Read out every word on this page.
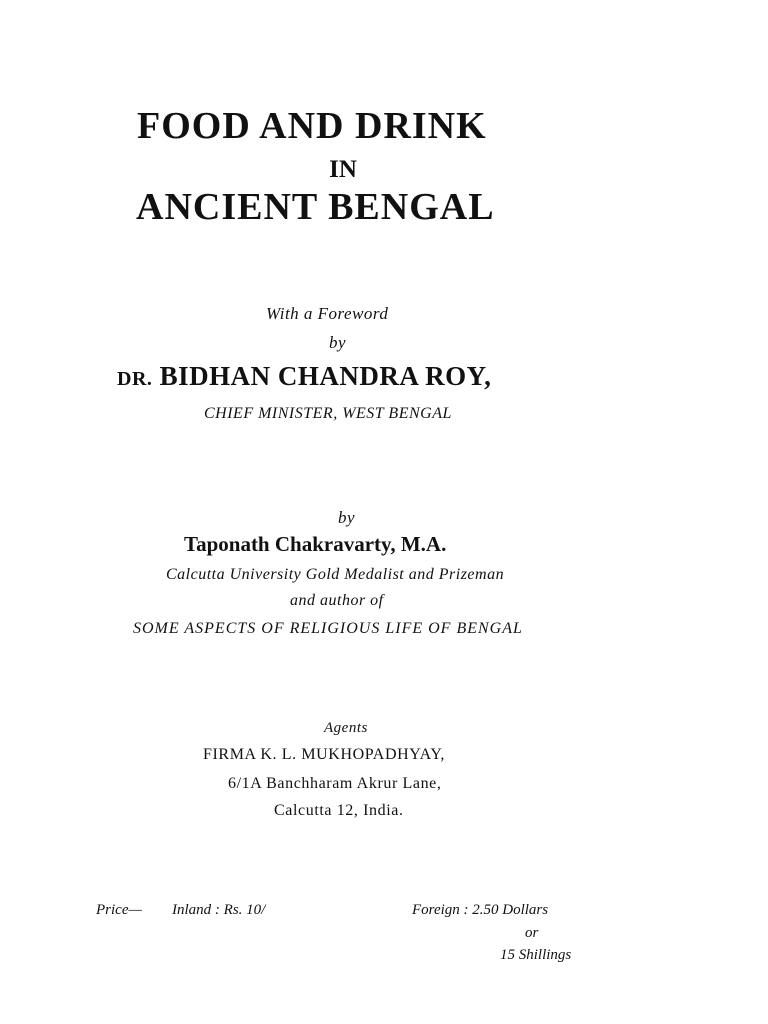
FOOD AND DRINK
IN
ANCIENT BENGAL
With a Foreword
by
DR. BIDHAN CHANDRA ROY,
CHIEF MINISTER, WEST BENGAL
by
Taponath Chakravarty, M.A.
Calcutta University Gold Medalist and Prizeman
and author of
SOME ASPECTS OF RELIGIOUS LIFE OF BENGAL
Agents
FIRMA K. L. MUKHOPADHYAY,
6/1A Banchharam Akrur Lane,
Calcutta 12, India.
Price— Inland : Rs. 10/	Foreign : 2.50 Dollars
or
15 Shillings
